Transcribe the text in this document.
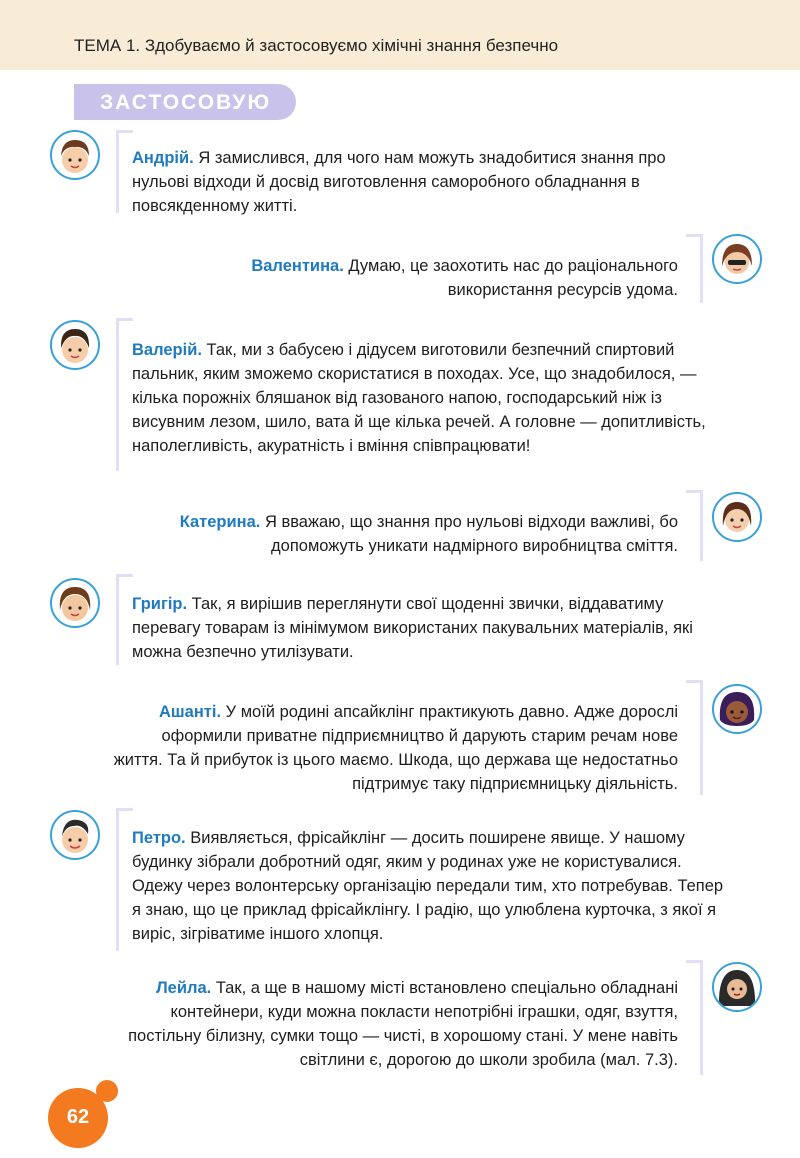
ТЕМА 1. Здобуваємо й застосовуємо хімічні знання безпечно
ЗАСТОСОВУЮ
Андрій. Я замислився, для чого нам можуть знадобитися знання про нульові відходи й досвід виготовлення саморобного обладнання в повсякденному житті.
Валентина. Думаю, це заохотить нас до раціонального використання ресурсів удома.
Валерій. Так, ми з бабусею і дідусем виготовили безпечний спиртовий пальник, яким зможемо скористатися в походах. Усе, що знадобилося, — кілька порожніх бляшанок від газованого напою, господарський ніж із висувним лезом, шило, вата й ще кілька речей. А головне — допитливість, наполегливість, акуратність і вміння співпрацювати!
Катерина. Я вважаю, що знання про нульові відходи важливі, бо допоможуть уникати надмірного виробництва сміття.
Григір. Так, я вирішив переглянути свої щоденні звички, віддаватиму перевагу товарам із мінімумом використаних пакувальних матеріалів, які можна безпечно утилізувати.
Ашанті. У моїй родині апсайклінг практикують давно. Адже дорослі оформили приватне підприємництво й дарують старим речам нове життя. Та й прибуток із цього маємо. Шкода, що держава ще недостатньо підтримує таку підприємницьку діяльність.
Петро. Виявляється, фрісайклінг — досить поширене явище. У нашому будинку зібрали добротний одяг, яким у родинах уже не користувалися. Одежу через волонтерську організацію передали тим, хто потребував. Тепер я знаю, що це приклад фрісайклінгу. І радію, що улюблена курточка, з якої я виріс, зігріватиме іншого хлопця.
Лейла. Так, а ще в нашому місті встановлено спеціально обладнані контейнери, куди можна покласти непотрібні іграшки, одяг, взуття, постільну білизну, сумки тощо — чисті, в хорошому стані. У мене навіть світлини є, дорогою до школи зробила (мал. 7.3).
62
